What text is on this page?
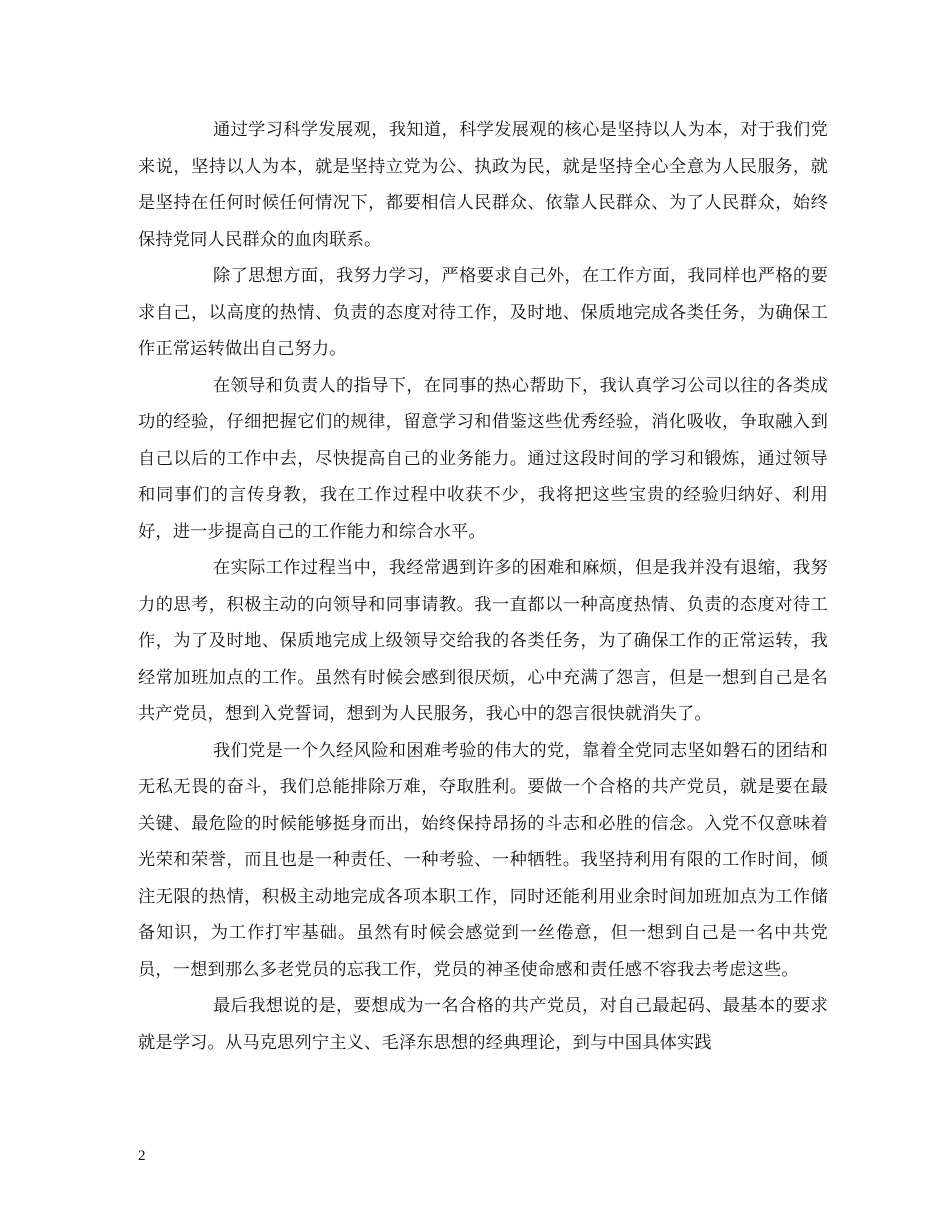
通过学习科学发展观，我知道，科学发展观的核心是坚持以人为本，对于我们党来说，坚持以人为本，就是坚持立党为公、执政为民，就是坚持全心全意为人民服务，就是坚持在任何时候任何情况下，都要相信人民群众、依靠人民群众、为了人民群众，始终保持党同人民群众的血肉联系。

除了思想方面，我努力学习，严格要求自己外，在工作方面，我同样也严格的要求自己，以高度的热情、负责的态度对待工作，及时地、保质地完成各类任务，为确保工作正常运转做出自己努力。

在领导和负责人的指导下，在同事的热心帮助下，我认真学习公司以往的各类成功的经验，仔细把握它们的规律，留意学习和借鉴这些优秀经验，消化吸收，争取融入到自己以后的工作中去，尽快提高自己的业务能力。通过这段时间的学习和锻炼，通过领导和同事们的言传身教，我在工作过程中收获不少，我将把这些宝贵的经验归纳好、利用好，进一步提高自己的工作能力和综合水平。

在实际工作过程当中，我经常遇到许多的困难和麻烦，但是我并没有退缩，我努力的思考，积极主动的向领导和同事请教。我一直都以一种高度热情、负责的态度对待工作，为了及时地、保质地完成上级领导交给我的各类任务，为了确保工作的正常运转，我经常加班加点的工作。虽然有时候会感到很厌烦，心中充满了怨言，但是一想到自己是名共产党员，想到入党誓词，想到为人民服务，我心中的怨言很快就消失了。

我们党是一个久经风险和困难考验的伟大的党，靠着全党同志坚如磐石的团结和无私无畏的奋斗，我们总能排除万难，夺取胜利。要做一个合格的共产党员，就是要在最关键、最危险的时候能够挺身而出，始终保持昂扬的斗志和必胜的信念。入党不仅意味着光荣和荣誉，而且也是一种责任、一种考验、一种牺牲。我坚持利用有限的工作时间，倾注无限的热情，积极主动地完成各项本职工作，同时还能利用业余时间加班加点为工作储备知识，为工作打牢基础。虽然有时候会感觉到一丝倦意，但一想到自己是一名中共党员，一想到那么多老党员的忘我工作，党员的神圣使命感和责任感不容我去考虑这些。

最后我想说的是，要想成为一名合格的共产党员，对自己最起码、最基本的要求就是学习。从马克思列宁主义、毛泽东思想的经典理论，到与中国具体实践

2
